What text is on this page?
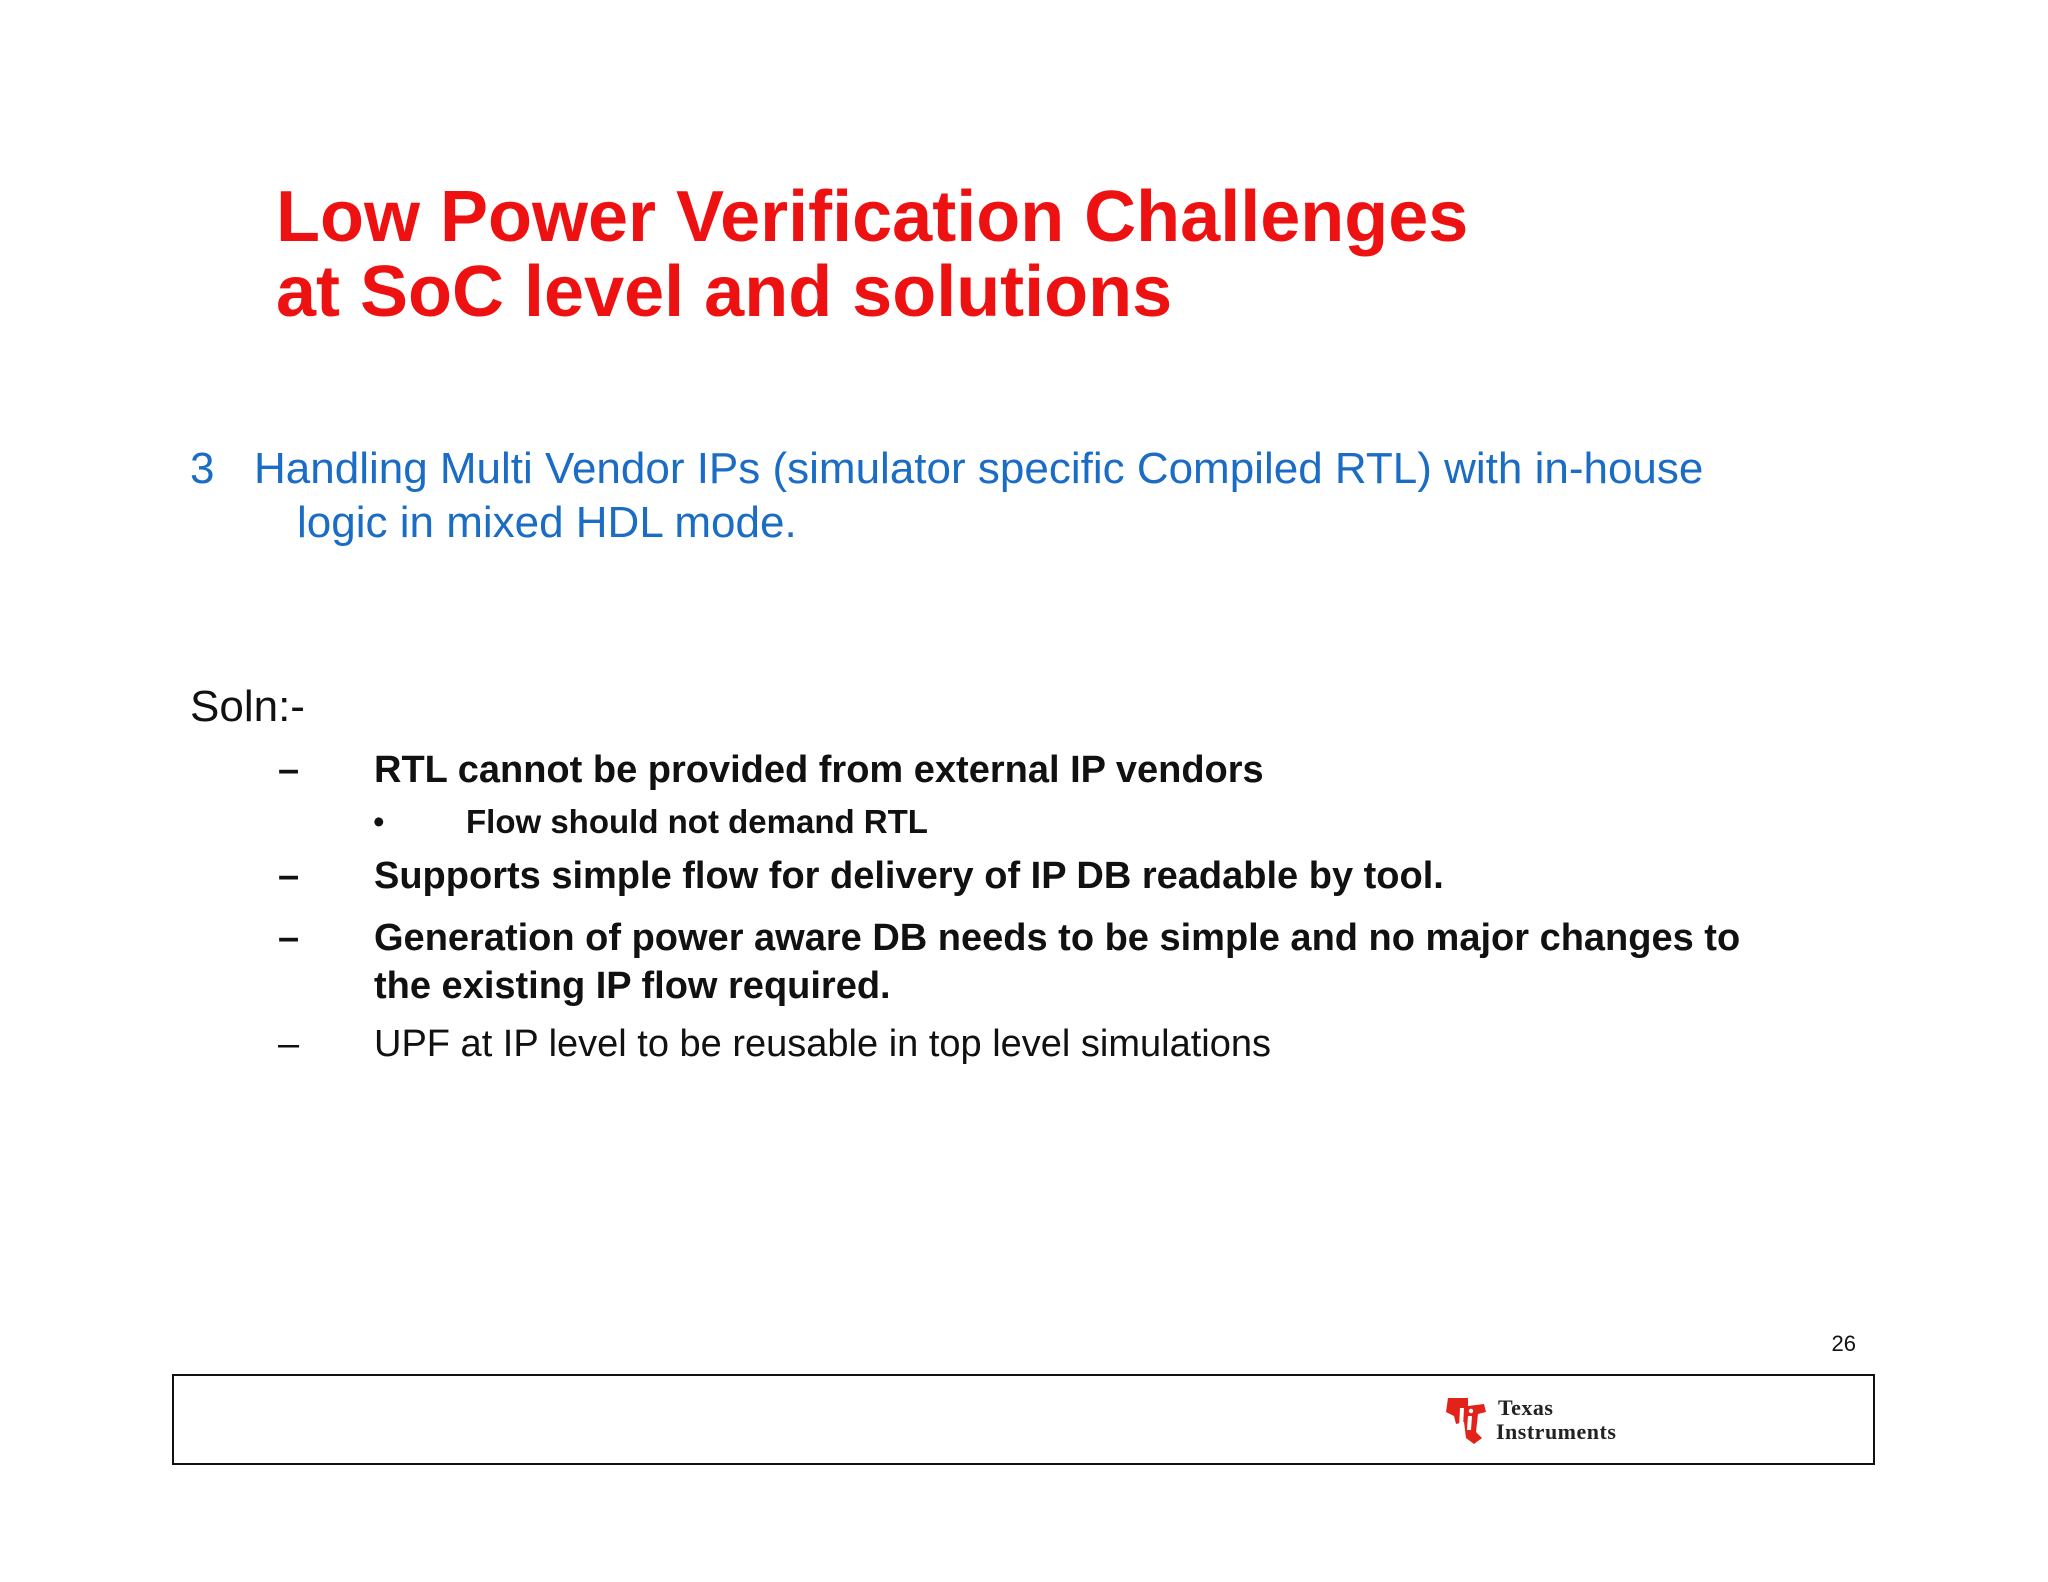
Low Power Verification Challenges
at SoC level and solutions
3 Handling Multi Vendor IPs (simulator specific Compiled RTL) with in-house
logic in mixed HDL mode.
Soln:-
– RTL cannot be provided from external IP vendors
• Flow should not demand RTL
– Supports simple flow for delivery of IP DB readable by tool.
– Generation of power aware DB needs to be simple and no major changes to
the existing IP flow required.
– UPF at IP level to be reusable in top level simulations
26
Texas
Instruments
